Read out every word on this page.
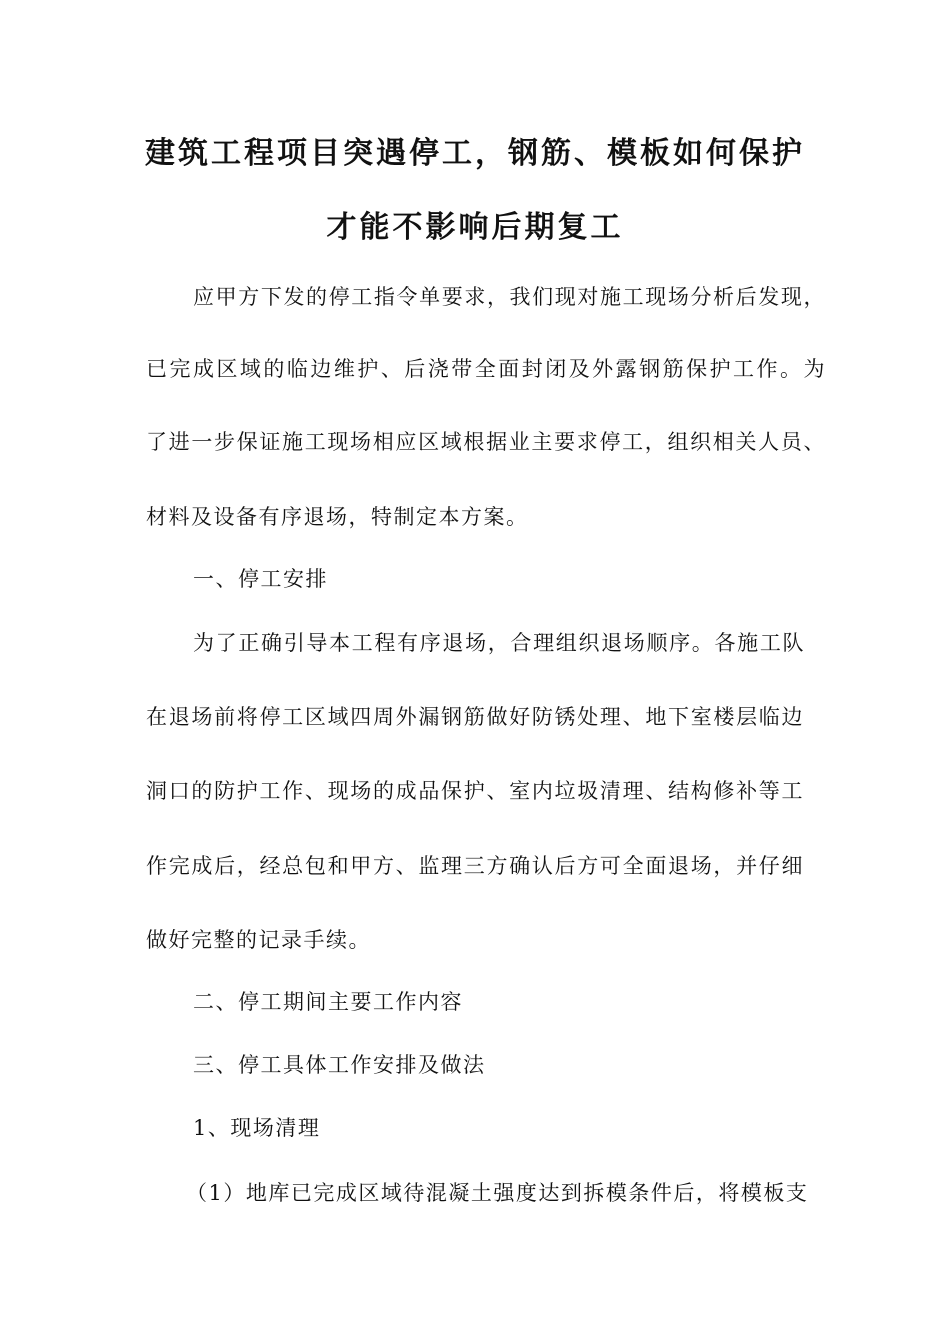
建筑工程项目突遇停工，钢筋、模板如何保护
才能不影响后期复工
应甲方下发的停工指令单要求，我们现对施工现场分析后发现，
已完成区域的临边维护、后浇带全面封闭及外露钢筋保护工作。为
了进一步保证施工现场相应区域根据业主要求停工，组织相关人员、
材料及设备有序退场，特制定本方案。
一、停工安排
为了正确引导本工程有序退场，合理组织退场顺序。各施工队
在退场前将停工区域四周外漏钢筋做好防锈处理、地下室楼层临边
洞口的防护工作、现场的成品保护、室内垃圾清理、结构修补等工
作完成后，经总包和甲方、监理三方确认后方可全面退场，并仔细
做好完整的记录手续。
二、停工期间主要工作内容
三、停工具体工作安排及做法
1、现场清理
（1）地库已完成区域待混凝土强度达到拆模条件后，将模板支
